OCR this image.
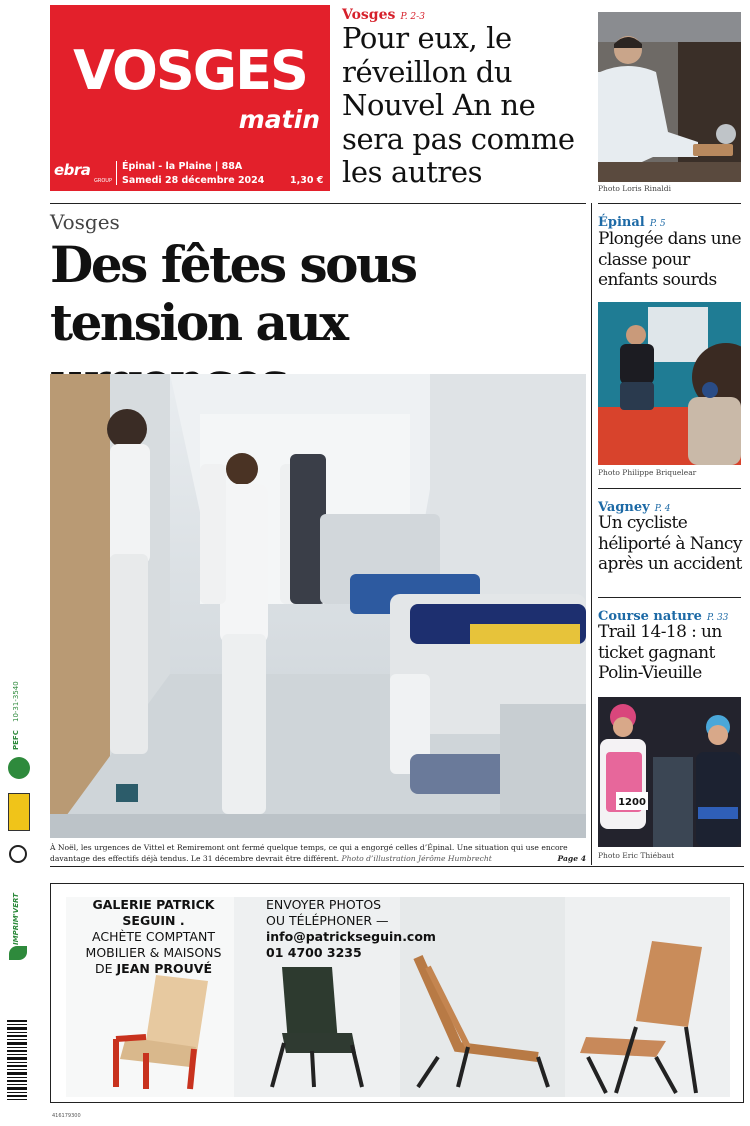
VOSGES
matin
ebra
GROUP
Épinal - la Plaine | 88A
Samedi 28 décembre 2024	1,30 €
Vosges P. 2-3
Pour eux, le réveillon du Nouvel An ne sera pas comme les autres	Photo Loris Rinaldi
Vosges
Des fêtes sous tension aux
À Noël, les urgences de Vittel et Remiremont ont fermé quelque temps, ce qui a engorgé celles d’Épinal. Une situation qui use encore davantage des effectifs déjà tendus. Le 31 décembre devrait être différent. Photo d’illustration Jérôme Humbrecht	Page 4
Épinal P. 5
Plongée dans une classe pour enfants sourds
Photo Philippe Briquelear
Vagney P. 4
Un cycliste héliporté à Nancy après un accident
Course nature P. 33
Trail 14-18 : un ticket gagnant Polin-Vieuille
1200
Photo Eric Thiébaut
PEFC
10-31-3540
IMPRIM'VERT	GALERIE PATRICK SEGUIN .
ACHÈTE COMPTANT
MOBILIER & MAISONS
DE JEAN PROUVÉ
ENVOYER PHOTOS
OU TÉLÉPHONER —
info@patrickseguin.com
01 4700 3235
416179300
